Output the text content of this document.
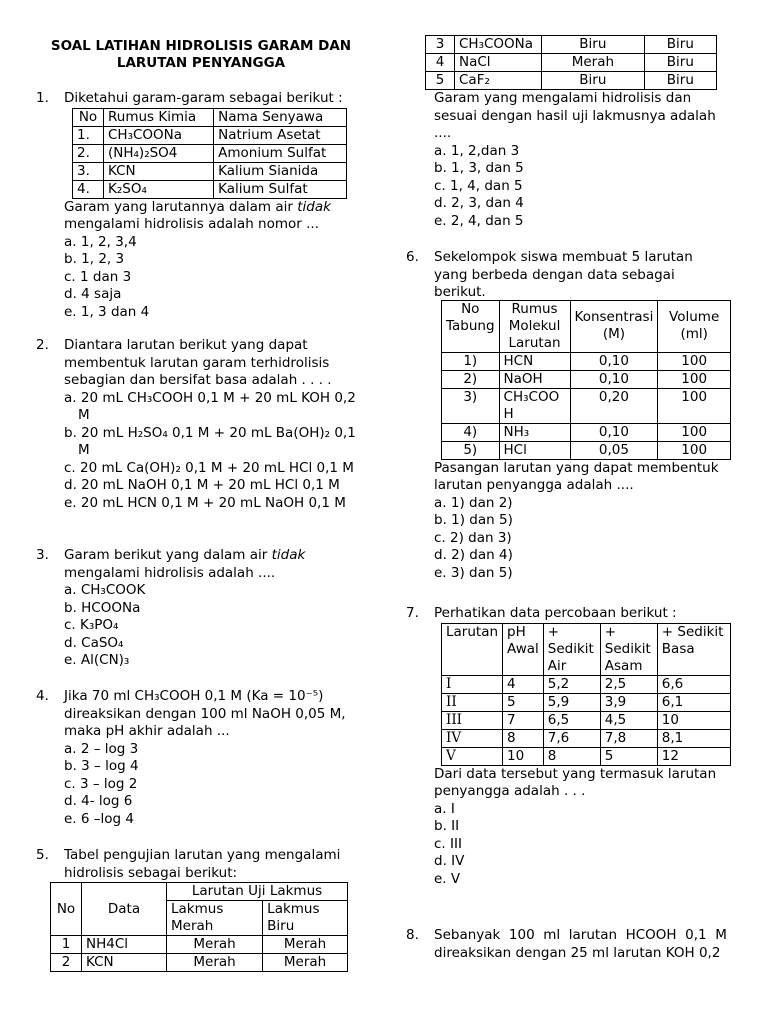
SOAL LATIHAN HIDROLISIS GARAM DAN
LARUTAN PENYANGGA
1. Diketahui garam-garam sebagai berikut :
No	Rumus Kimia	Nama Senyawa
1.	CH₃COONa	Natrium Asetat
2.	(NH₄)₂SO4	Amonium Sulfat
3.	KCN	Kalium Sianida
4.	K₂SO₄	Kalium Sulfat
Garam yang larutannya dalam air tidak
mengalami hidrolisis adalah nomor ...
a. 1, 2, 3,4
b. 1, 2, 3
c. 1 dan 3
d. 4 saja
e. 1, 3 dan 4
2. Diantara larutan berikut yang dapat
membentuk larutan garam terhidrolisis
sebagian dan bersifat basa adalah . . . .
a. 20 mL CH₃COOH 0,1 M + 20 mL KOH 0,2 M
b. 20 mL H₂SO₄ 0,1 M + 20 mL Ba(OH)₂ 0,1 M
c. 20 mL Ca(OH)₂ 0,1 M + 20 mL HCl 0,1 M
d. 20 mL NaOH 0,1 M + 20 mL HCl 0,1 M
e. 20 mL HCN 0,1 M + 20 mL NaOH 0,1 M
3. Garam berikut yang dalam air tidak
mengalami hidrolisis adalah ....
a. CH₃COOK
b. HCOONa
c. K₃PO₄
d. CaSO₄
e. Al(CN)₃
4. Jika 70 ml CH₃COOH 0,1 M (Ka = 10⁻⁵)
direaksikan dengan 100 ml NaOH 0,05 M,
maka pH akhir adalah ...
a. 2 – log 3
b. 3 – log 4
c. 3 – log 2
d. 4- log 6
e. 6 –log 4
5. Tabel pengujian larutan yang mengalami
hidrolisis sebagai berikut:
No	Data	Larutan Uji Lakmus	
		Lakmus Merah	Lakmus Biru
1	NH4Cl	Merah	Merah
2	KCN	Merah	Merah
3	CH₃COONa	Biru	Biru
4	NaCl	Merah	Biru
5	CaF₂	Biru	Biru
Garam yang mengalami hidrolisis dan
sesuai dengan hasil uji lakmusnya adalah
....
a. 1, 2,dan 3
b. 1, 3, dan 5
c. 1, 4, dan 5
d. 2, 3, dan 4
e. 2, 4, dan 5
6. Sekelompok siswa membuat 5 larutan
yang berbeda dengan data sebagai
berikut.
No Tabung	Rumus Molekul Larutan	Konsentrasi (M)	Volume (ml)
1)	HCN	0,10	100
2)	NaOH	0,10	100
3)	CH₃COOH	0,20	100
4)	NH₃	0,10	100
5)	HCl	0,05	100
Pasangan larutan yang dapat membentuk
larutan penyangga adalah ....
a. 1) dan 2)
b. 1) dan 5)
c. 2) dan 3)
d. 2) dan 4)
e. 3) dan 5)
7. Perhatikan data percobaan berikut :
Larutan	pH Awal	+ Sedikit Air	+ Sedikit Asam	+ Sedikit Basa
I	4	5,2	2,5	6,6
II	5	5,9	3,9	6,1
III	7	6,5	4,5	10
IV	8	7,6	7,8	8,1
V	10	8	5	12
Dari data tersebut yang termasuk larutan
penyangga adalah . . .
a. I
b. II
c. III
d. IV
e. V
8. Sebanyak  100  ml  larutan  HCOOH  0,1  M
direaksikan dengan 25 ml larutan KOH 0,2
